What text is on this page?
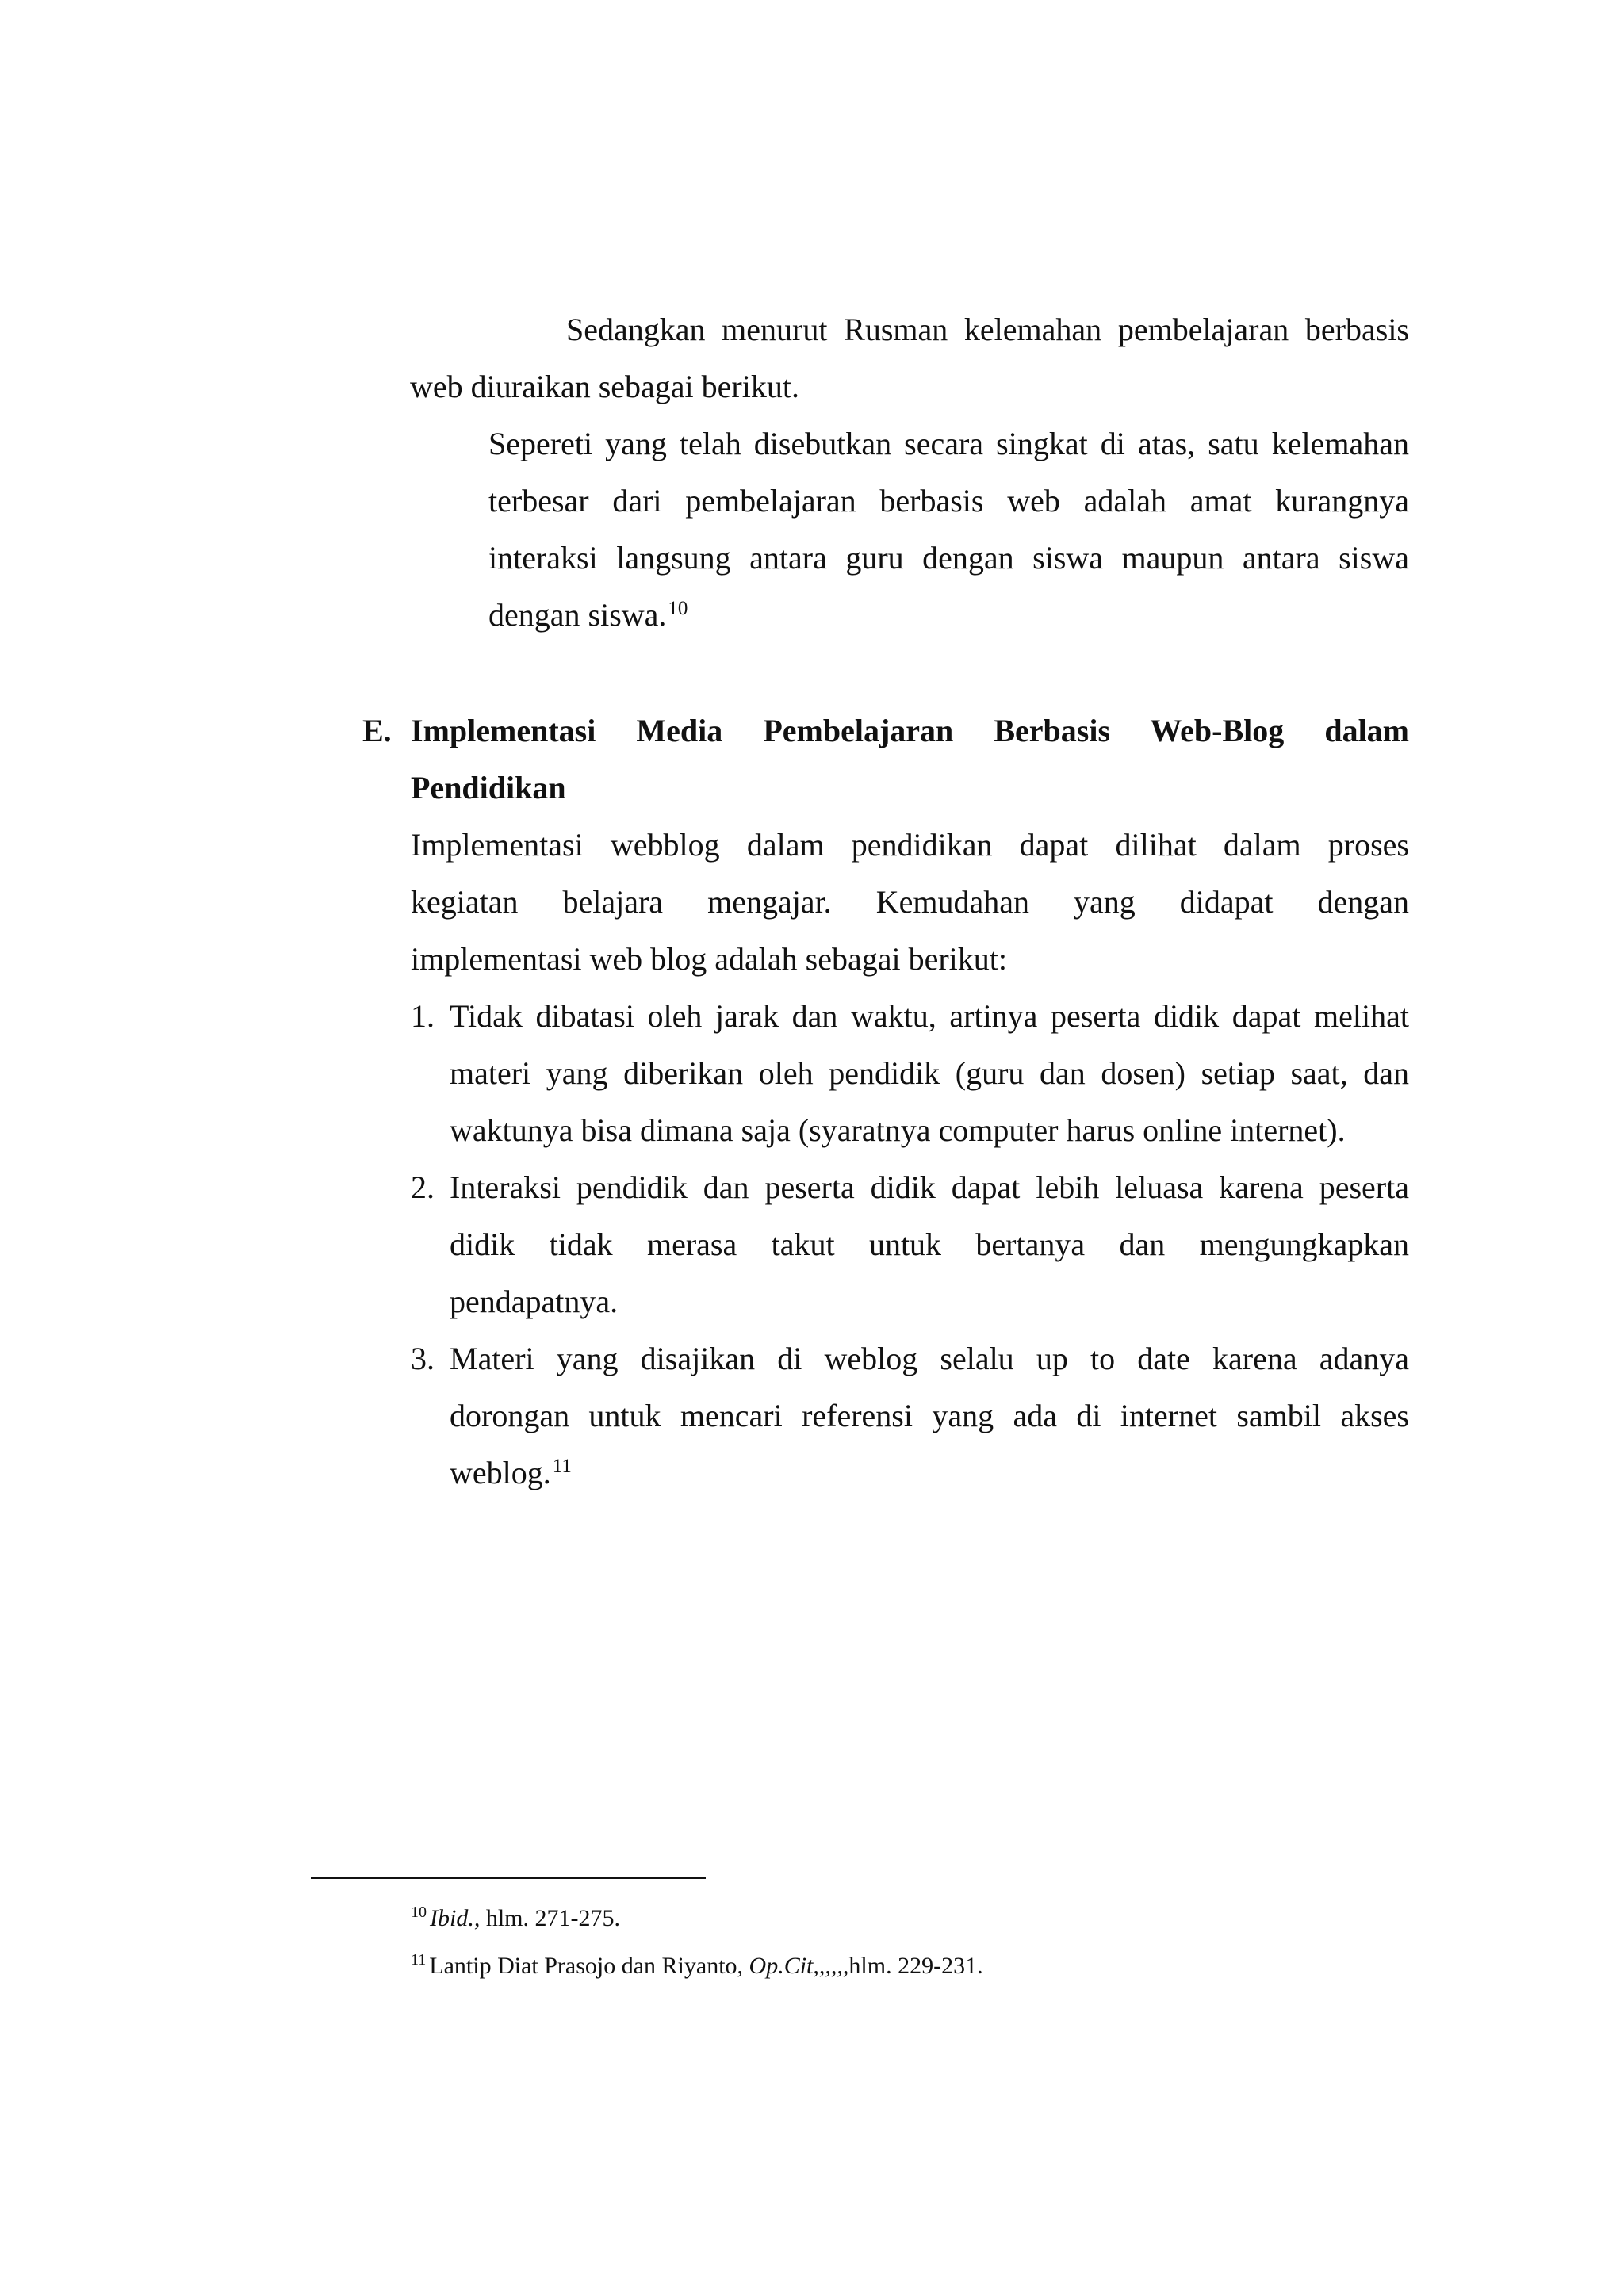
Sedangkan menurut Rusman kelemahan pembelajaran berbasis
web diuraikan sebagai berikut.
Sepereti yang telah disebutkan secara singkat di atas, satu kelemahan
terbesar dari pembelajaran berbasis web adalah amat kurangnya
interaksi langsung antara guru dengan siswa maupun antara siswa
dengan siswa.$^{10}$
E. Implementasi Media Pembelajaran Berbasis Web-Blog dalam
Pendidikan
Implementasi webblog dalam pendidikan dapat dilihat dalam proses
kegiatan belajara mengajar. Kemudahan yang didapat dengan
implementasi web blog adalah sebagai berikut:
1. Tidak dibatasi oleh jarak dan waktu, artinya peserta didik dapat melihat
materi yang diberikan oleh pendidik (guru dan dosen) setiap saat, dan
waktunya bisa dimana saja (syaratnya computer harus online internet).
2. Interaksi pendidik dan peserta didik dapat lebih leluasa karena peserta
didik tidak merasa takut untuk bertanya dan mengungkapkan
pendapatnya.
3. Materi yang disajikan di weblog selalu up to date karena adanya
dorongan untuk mencari referensi yang ada di internet sambil akses
weblog.$^{11}$
$^{10}$ Ibid., hlm. 271-275.
$^{11}$ Lantip Diat Prasojo dan Riyanto, Op.Cit,,,,,,hlm. 229-231.
